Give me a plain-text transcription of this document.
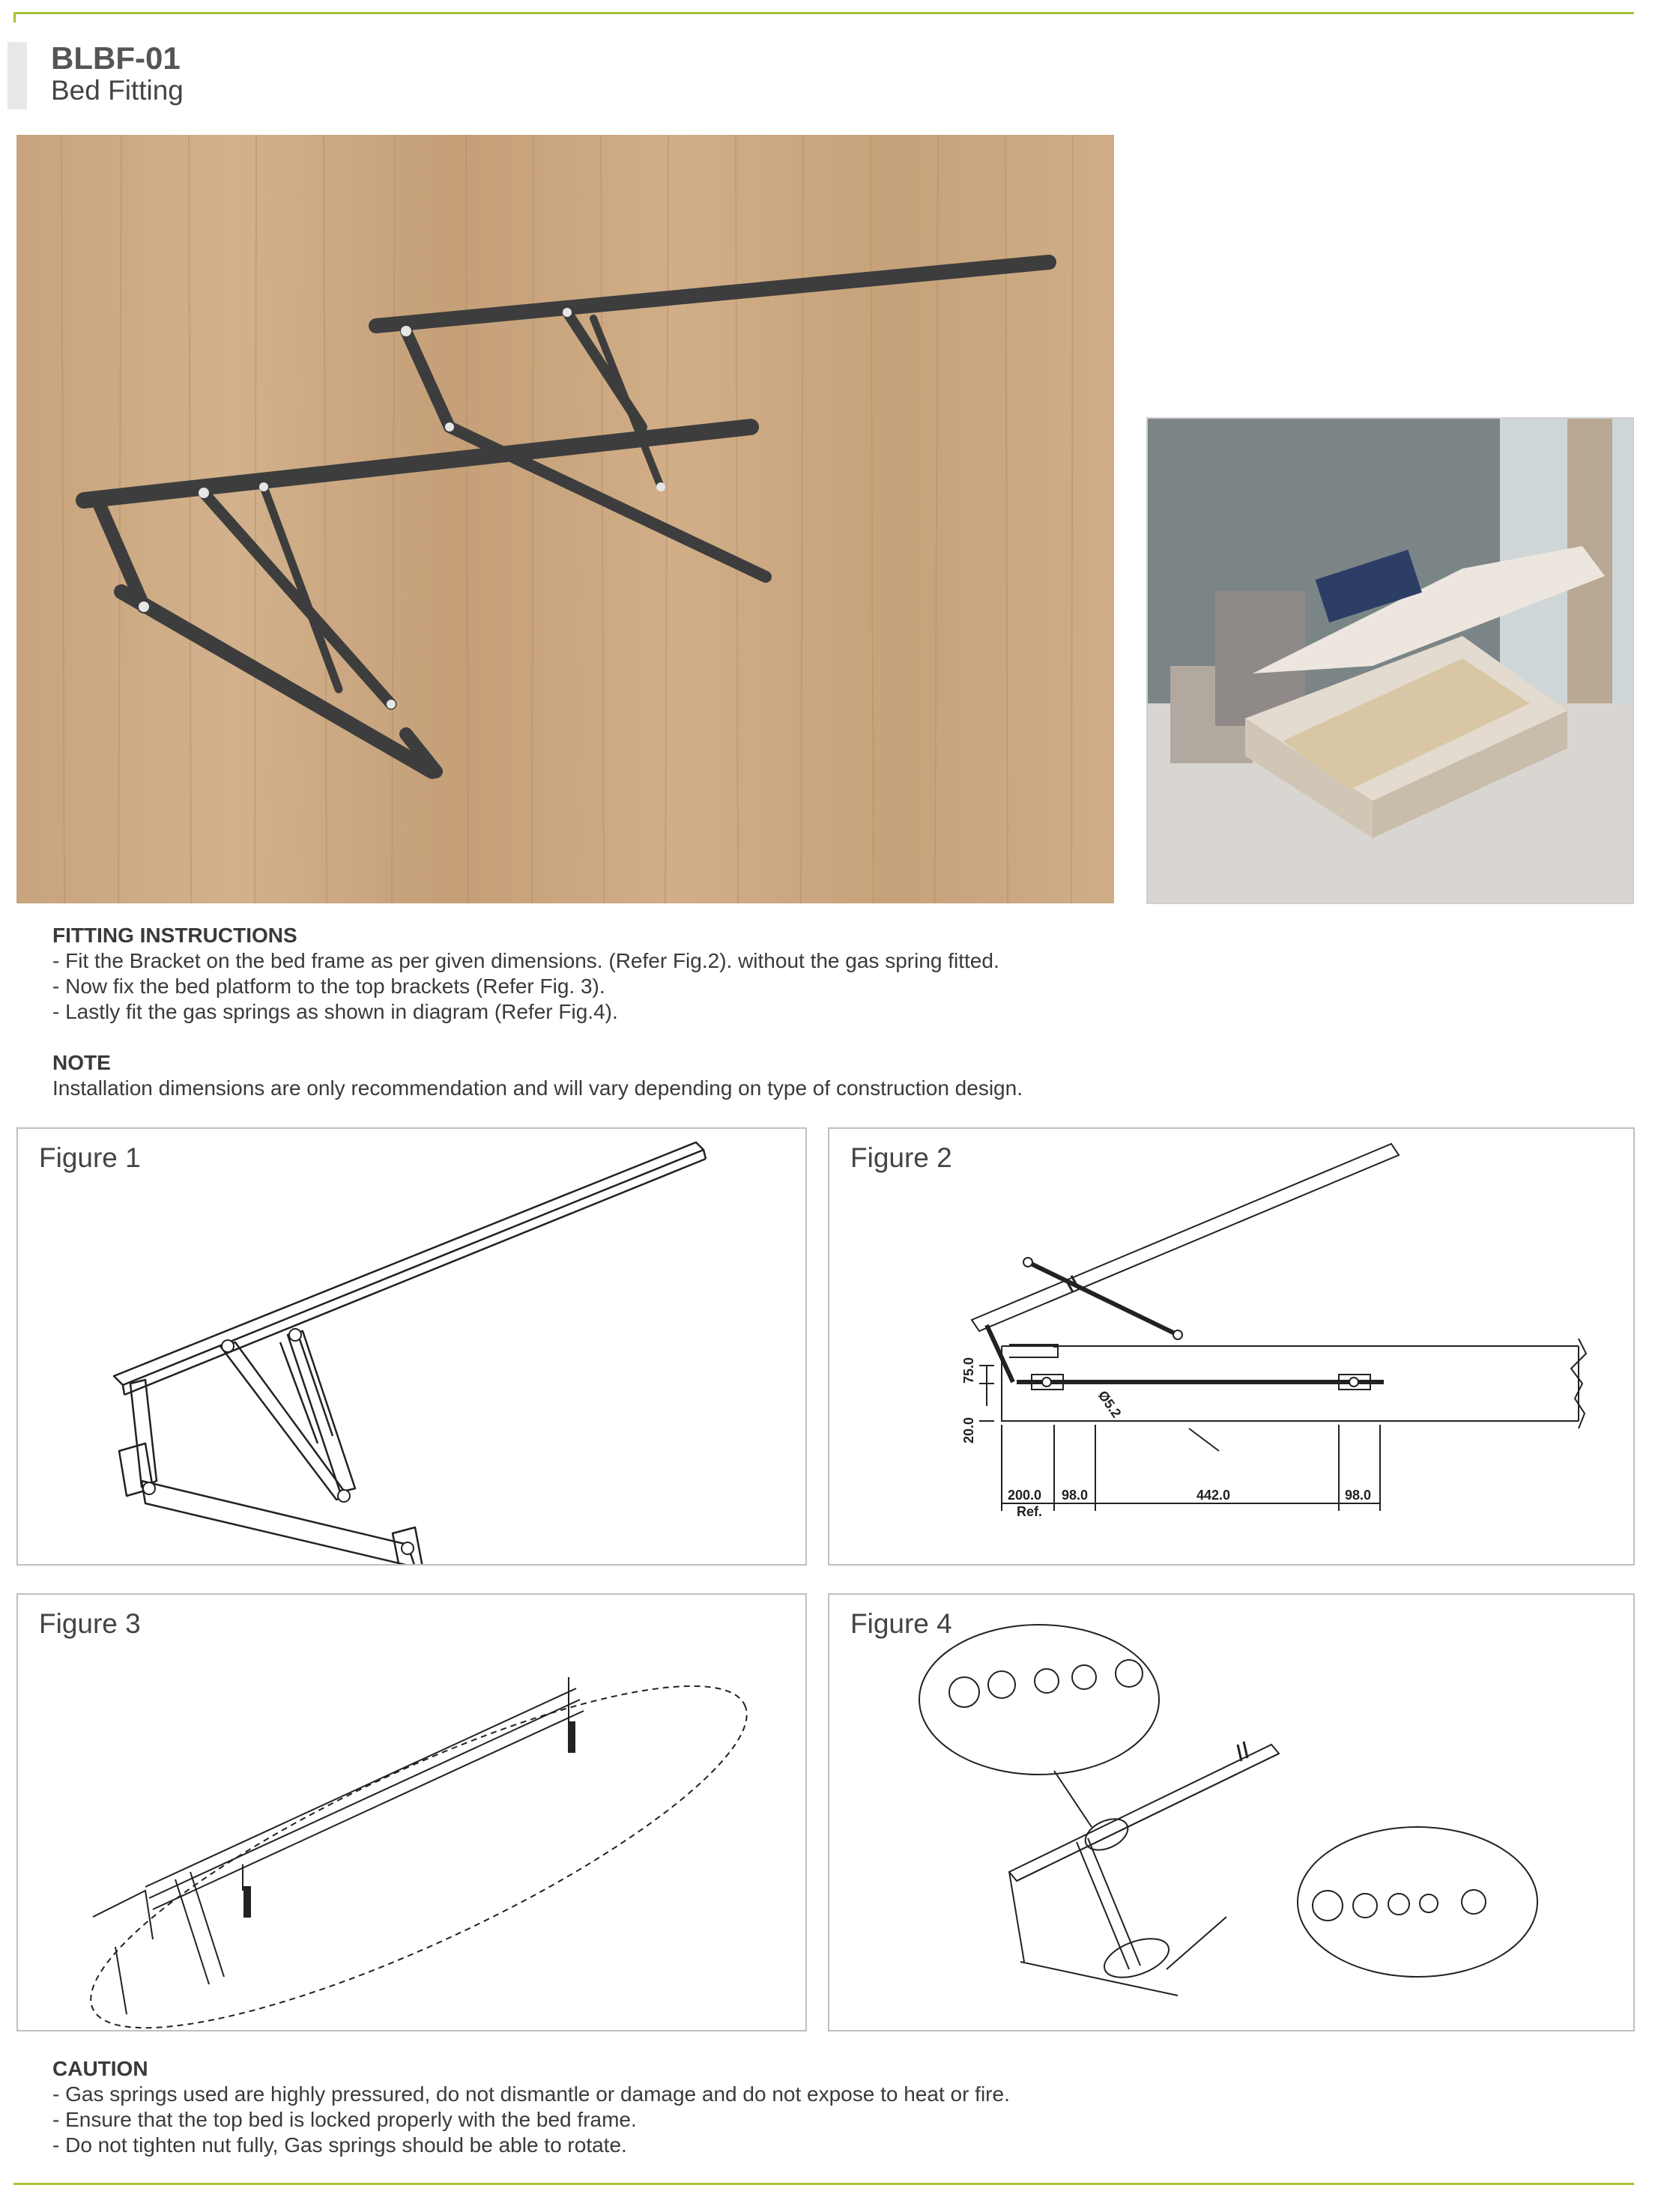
BLBF-01
Bed Fitting
FITTING INSTRUCTIONS
- Fit the Bracket on the bed frame as per given dimensions. (Refer Fig.2). without the gas spring fitted.
- Now fix the bed platform to the top brackets (Refer Fig. 3).
- Lastly fit the gas springs as shown in diagram (Refer Fig.4).
NOTE
Installation dimensions are only recommendation and will vary depending on type of construction design.
Figure 1	Figure 2
75.0
20.0
Ø5.2
200.0
Ref.
98.0	442.0	98.0
Figure 3	Figure 4
CAUTION
- Gas springs used are highly pressured, do not dismantle or damage and do not expose to heat or fire.
- Ensure that the top bed is locked properly with the bed frame.
- Do not tighten nut fully, Gas springs should be able to rotate.
